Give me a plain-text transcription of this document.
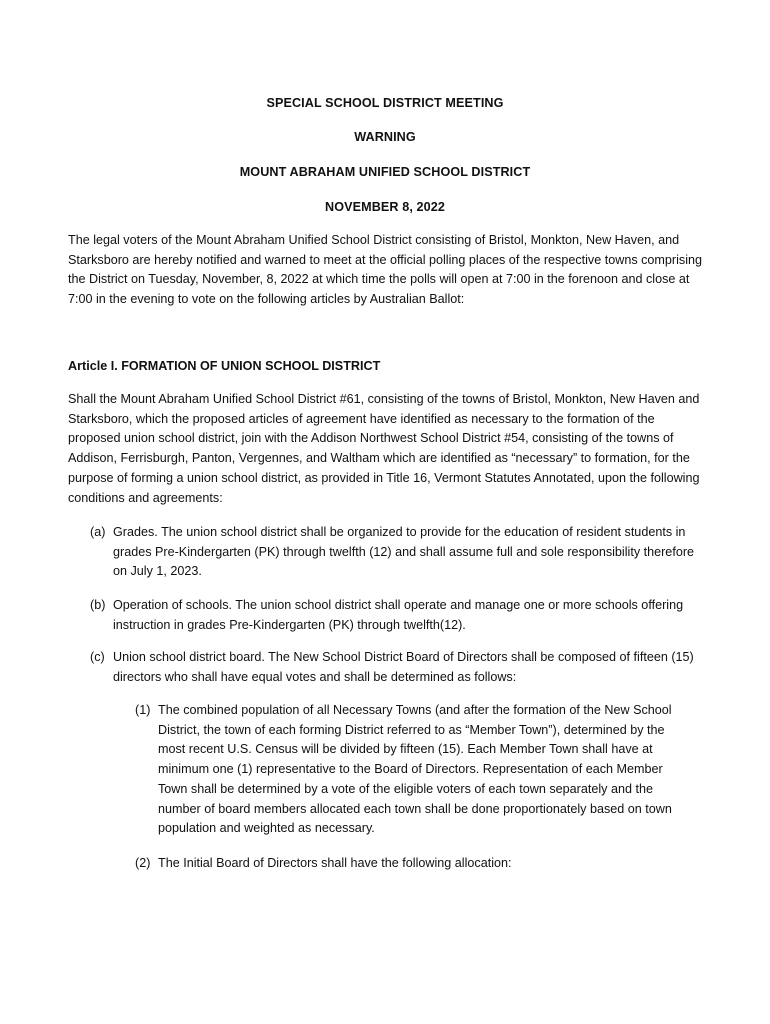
SPECIAL SCHOOL DISTRICT MEETING
WARNING
MOUNT ABRAHAM UNIFIED SCHOOL DISTRICT
NOVEMBER 8, 2022
The legal voters of the Mount Abraham Unified School District consisting of Bristol, Monkton, New Haven, and Starksboro are hereby notified and warned to meet at the official polling places of the respective towns comprising the District on Tuesday, November, 8, 2022 at which time the polls will open at 7:00 in the forenoon and close at 7:00 in the evening to vote on the following articles by Australian Ballot:
Article I. FORMATION OF UNION SCHOOL DISTRICT
Shall the Mount Abraham Unified School District #61, consisting of the towns of Bristol, Monkton, New Haven and Starksboro, which the proposed articles of agreement have identified as necessary to the formation of the proposed union school district, join with the Addison Northwest School District #54, consisting of the towns of Addison, Ferrisburgh, Panton, Vergennes, and Waltham which are identified as “necessary” to formation, for the purpose of forming a union school district, as provided in Title 16, Vermont Statutes Annotated, upon the following conditions and agreements:
(a) Grades. The union school district shall be organized to provide for the education of resident students in grades Pre-Kindergarten (PK) through twelfth (12) and shall assume full and sole responsibility therefore on July 1, 2023.
(b) Operation of schools. The union school district shall operate and manage one or more schools offering instruction in grades Pre-Kindergarten (PK) through twelfth(12).
(c) Union school district board. The New School District Board of Directors shall be composed of fifteen (15) directors who shall have equal votes and shall be determined as follows:
(1) The combined population of all Necessary Towns (and after the formation of the New School District, the town of each forming District referred to as “Member Town”), determined by the most recent U.S. Census will be divided by fifteen (15). Each Member Town shall have at minimum one (1) representative to the Board of Directors. Representation of each Member Town shall be determined by a vote of the eligible voters of each town separately and the number of board members allocated each town shall be done proportionately based on town population and weighted as necessary.
(2) The Initial Board of Directors shall have the following allocation:
